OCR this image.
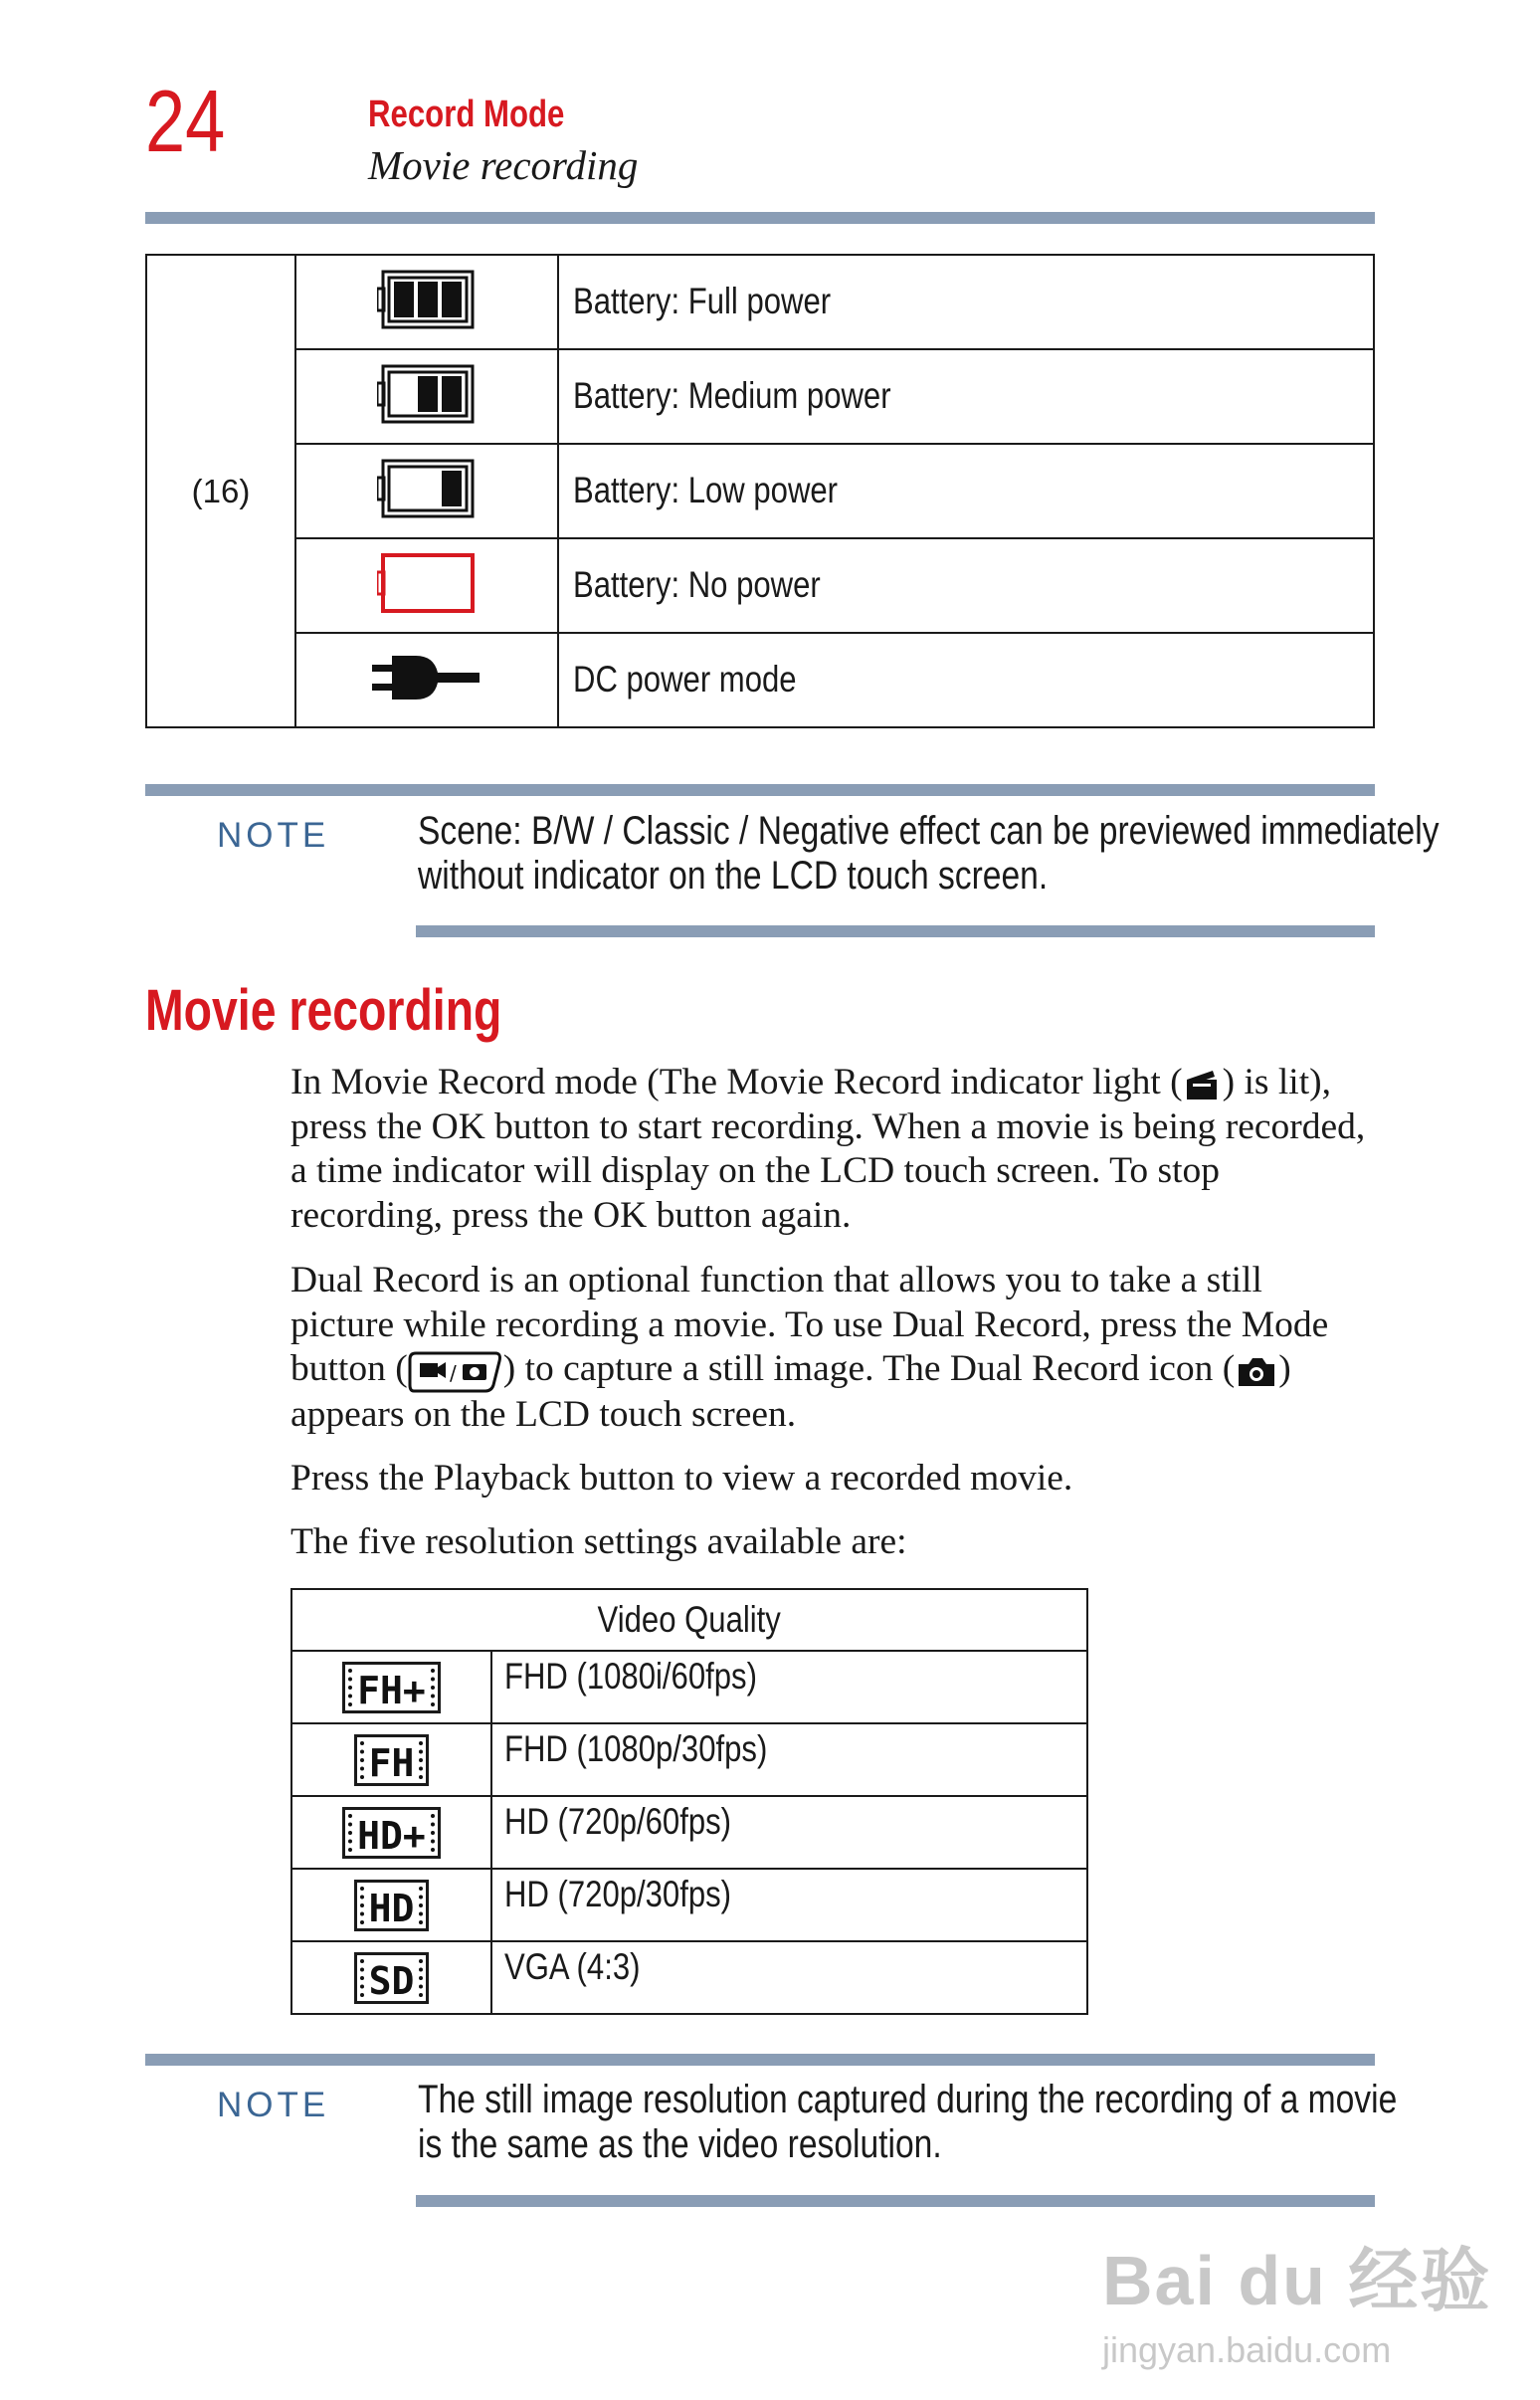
24	Record Mode
Movie recording
(16)		Battery: Full power
	Battery: Medium power
	Battery: Low power
	Battery: No power
	DC power mode
NOTE Scene: B/W / Classic / Negative effect can be previewed immediately
without indicator on the LCD touch screen.
Movie recording
In Movie Record mode (The Movie Record indicator light ( ) is lit), press the OK button to start recording. When a movie is being recorded, a time indicator will display on the LCD touch screen. To stop recording, press the OK button again.
Dual Record is an optional function that allows you to take a still picture while recording a movie. To use Dual Record, press the Mode button ( / ) to capture a still image. The Dual Record icon ( ) appears on the LCD touch screen.
Press the Playback button to view a recorded movie.
The five resolution settings available are:
Video Quality	
FH+	FHD (1080i/60fps)
FH	FHD (1080p/30fps)
HD+	HD (720p/60fps)
HD	HD (720p/30fps)
SD	VGA (4:3)
NOTE The still image resolution captured during the recording of a movie
is the same as the video resolution.
Bai du 经验
jingyan.baidu.com
